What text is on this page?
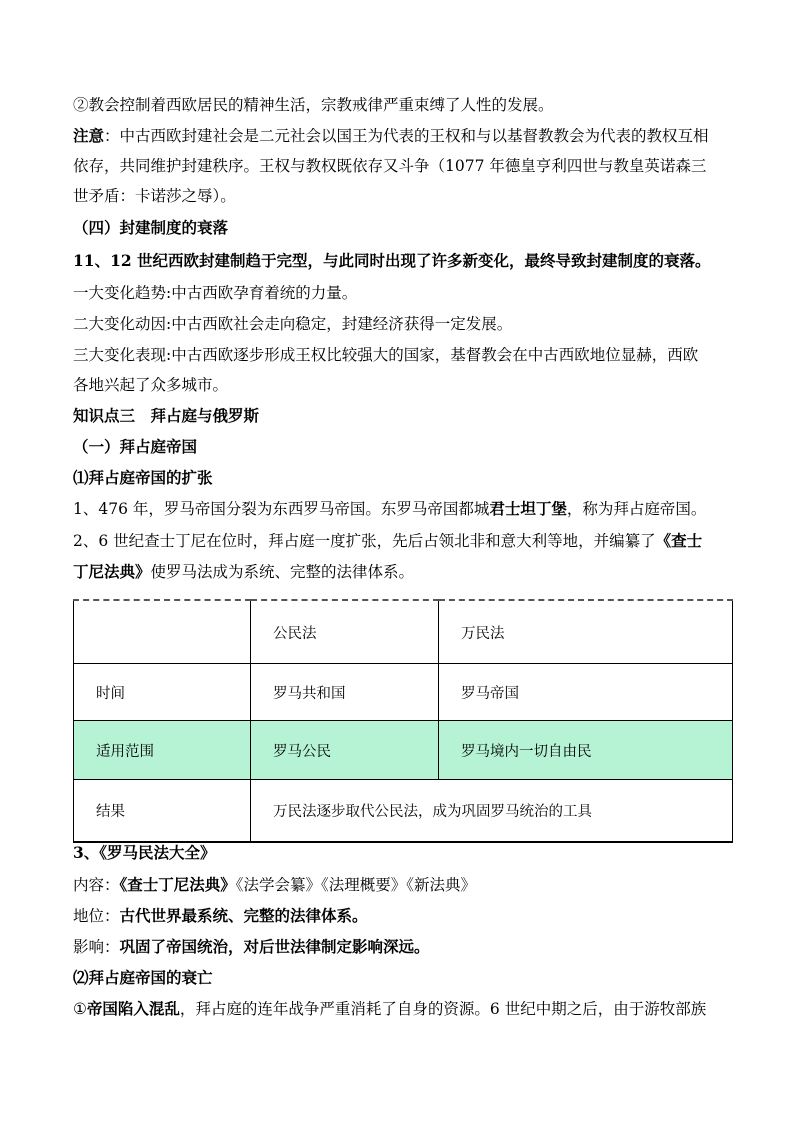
②教会控制着西欧居民的精神生活，宗教戒律严重束缚了人性的发展。
注意：中古西欧封建社会是二元社会以国王为代表的王权和与以基督教教会为代表的教权互相
依存，共同维护封建秩序。王权与教权既依存又斗争（1077 年德皇亨利四世与教皇英诺森三
世矛盾：卡诺莎之辱）。
（四）封建制度的衰落
11、12 世纪西欧封建制趋于完型，与此同时出现了许多新变化，最终导致封建制度的衰落。
一大变化趋势:中古西欧孕育着统的力量。
二大变化动因:中古西欧社会走向稳定，封建经济获得一定发展。
三大变化表现:中古西欧逐步形成王权比较强大的国家，基督教会在中古西欧地位显赫，西欧
各地兴起了众多城市。
知识点三　拜占庭与俄罗斯
（一）拜占庭帝国
⑴拜占庭帝国的扩张
1、476 年，罗马帝国分裂为东西罗马帝国。东罗马帝国都城君士坦丁堡，称为拜占庭帝国。
2、6 世纪查士丁尼在位时，拜占庭一度扩张，先后占领北非和意大利等地，并编纂了《查士
丁尼法典》使罗马法成为系统、完整的法律体系。
	公民法	万民法
时间	罗马共和国	罗马帝国
适用范围	罗马公民	罗马境内一切自由民
结果	万民法逐步取代公民法，成为巩固罗马统治的工具	
3、《罗马民法大全》
内容：《查士丁尼法典》《法学会纂》《法理概要》《新法典》
地位：古代世界最系统、完整的法律体系。
影响：巩固了帝国统治，对后世法律制定影响深远。
⑵拜占庭帝国的衰亡
①帝国陷入混乱，拜占庭的连年战争严重消耗了自身的资源。6 世纪中期之后，由于游牧部族
